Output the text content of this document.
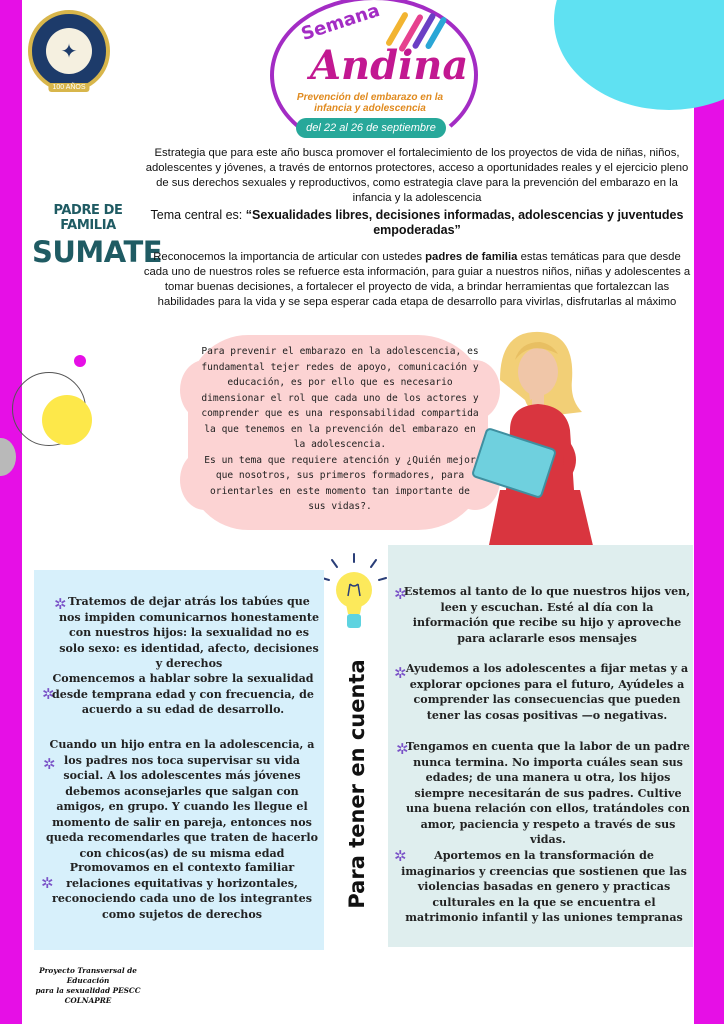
✦
100 AÑOS
Semana
Andina
Prevención del embarazo en la infancia y adolescencia
del 22 al 26 de septiembre
PADRE DE FAMILIA
SUMATE

Estrategia que para este año busca promover el fortalecimiento de los proyectos de vida de niñas, niños, adolescentes y jóvenes, a través de entornos protectores, acceso a oportunidades reales y el ejercicio pleno de sus derechos sexuales y reproductivos, como estrategia clave para la prevención del embarazo en la infancia y la adolescencia

Tema central es: “Sexualidades libres, decisiones informadas, adolescencias y juventudes empoderadas”

Reconocemos la importancia de articular con ustedes padres de familia estas temáticas para que desde cada uno de nuestros roles se refuerce esta información, para guiar a nuestros niños, niñas y adolescentes a tomar buenas decisiones, a fortalecer el proyecto de vida, a brindar herramientas que fortalezcan las habilidades para la vida y se sepa esperar cada etapa de desarrollo para vivirlas, disfrutarlas al máximo

Para prevenir el embarazo en la adolescencia, es fundamental tejer redes de apoyo, comunicación y educación, es por ello que es necesario dimensionar el rol que cada uno de los actores y comprender que es una responsabilidad compartida la que tenemos en la prevención del embarazo en la adolescencia.
Es un tema que requiere atención y ¿Quién mejor que nosotros, sus primeros formadores, para orientarles en este momento tan importante de sus vidas?.
Para tener en cuenta
✲ Tratemos de dejar atrás los tabúes que nos impiden comunicarnos honestamente con nuestros hijos: la sexualidad no es solo sexo: es identidad, afecto, decisiones y derechos
✲
Comencemos a hablar sobre la sexualidad desde temprana edad y con frecuencia, de acuerdo a su edad de desarrollo.
✲
Cuando un hijo entra en la adolescencia, a los padres nos toca supervisar su vida social. A los adolescentes más jóvenes debemos aconsejarles que salgan con amigos, en grupo. Y cuando les llegue el momento de salir en pareja, entonces nos queda recomendarles que traten de hacerlo con chicos(as) de su misma edad
✲
Promovamos en el contexto familiar relaciones equitativas y horizontales, reconociendo cada uno de los integrantes como sujetos de derechos
✲
Estemos al tanto de lo que nuestros hijos ven, leen y escuchan. Esté al día con la información que recibe su hijo y aproveche para aclararle esos mensajes
✲ Ayudemos a los adolescentes a fijar metas y a explorar opciones para el futuro, Ayúdeles a comprender las consecuencias que pueden tener las cosas positivas —o negativas.
✲
Tengamos en cuenta que la labor de un padre nunca termina. No importa cuáles sean sus edades; de una manera u otra, los hijos siempre necesitarán de sus padres. Cultive una buena relación con ellos, tratándoles con amor, paciencia y respeto a través de sus vidas.
✲	Aportemos en la transformación de imaginarios y creencias que sostienen que las violencias basadas en genero y practicas culturales en la que se encuentra el matrimonio infantil y las uniones tempranas
Proyecto Transversal de Educación
para la sexualidad PESCC
COLNAPRE
